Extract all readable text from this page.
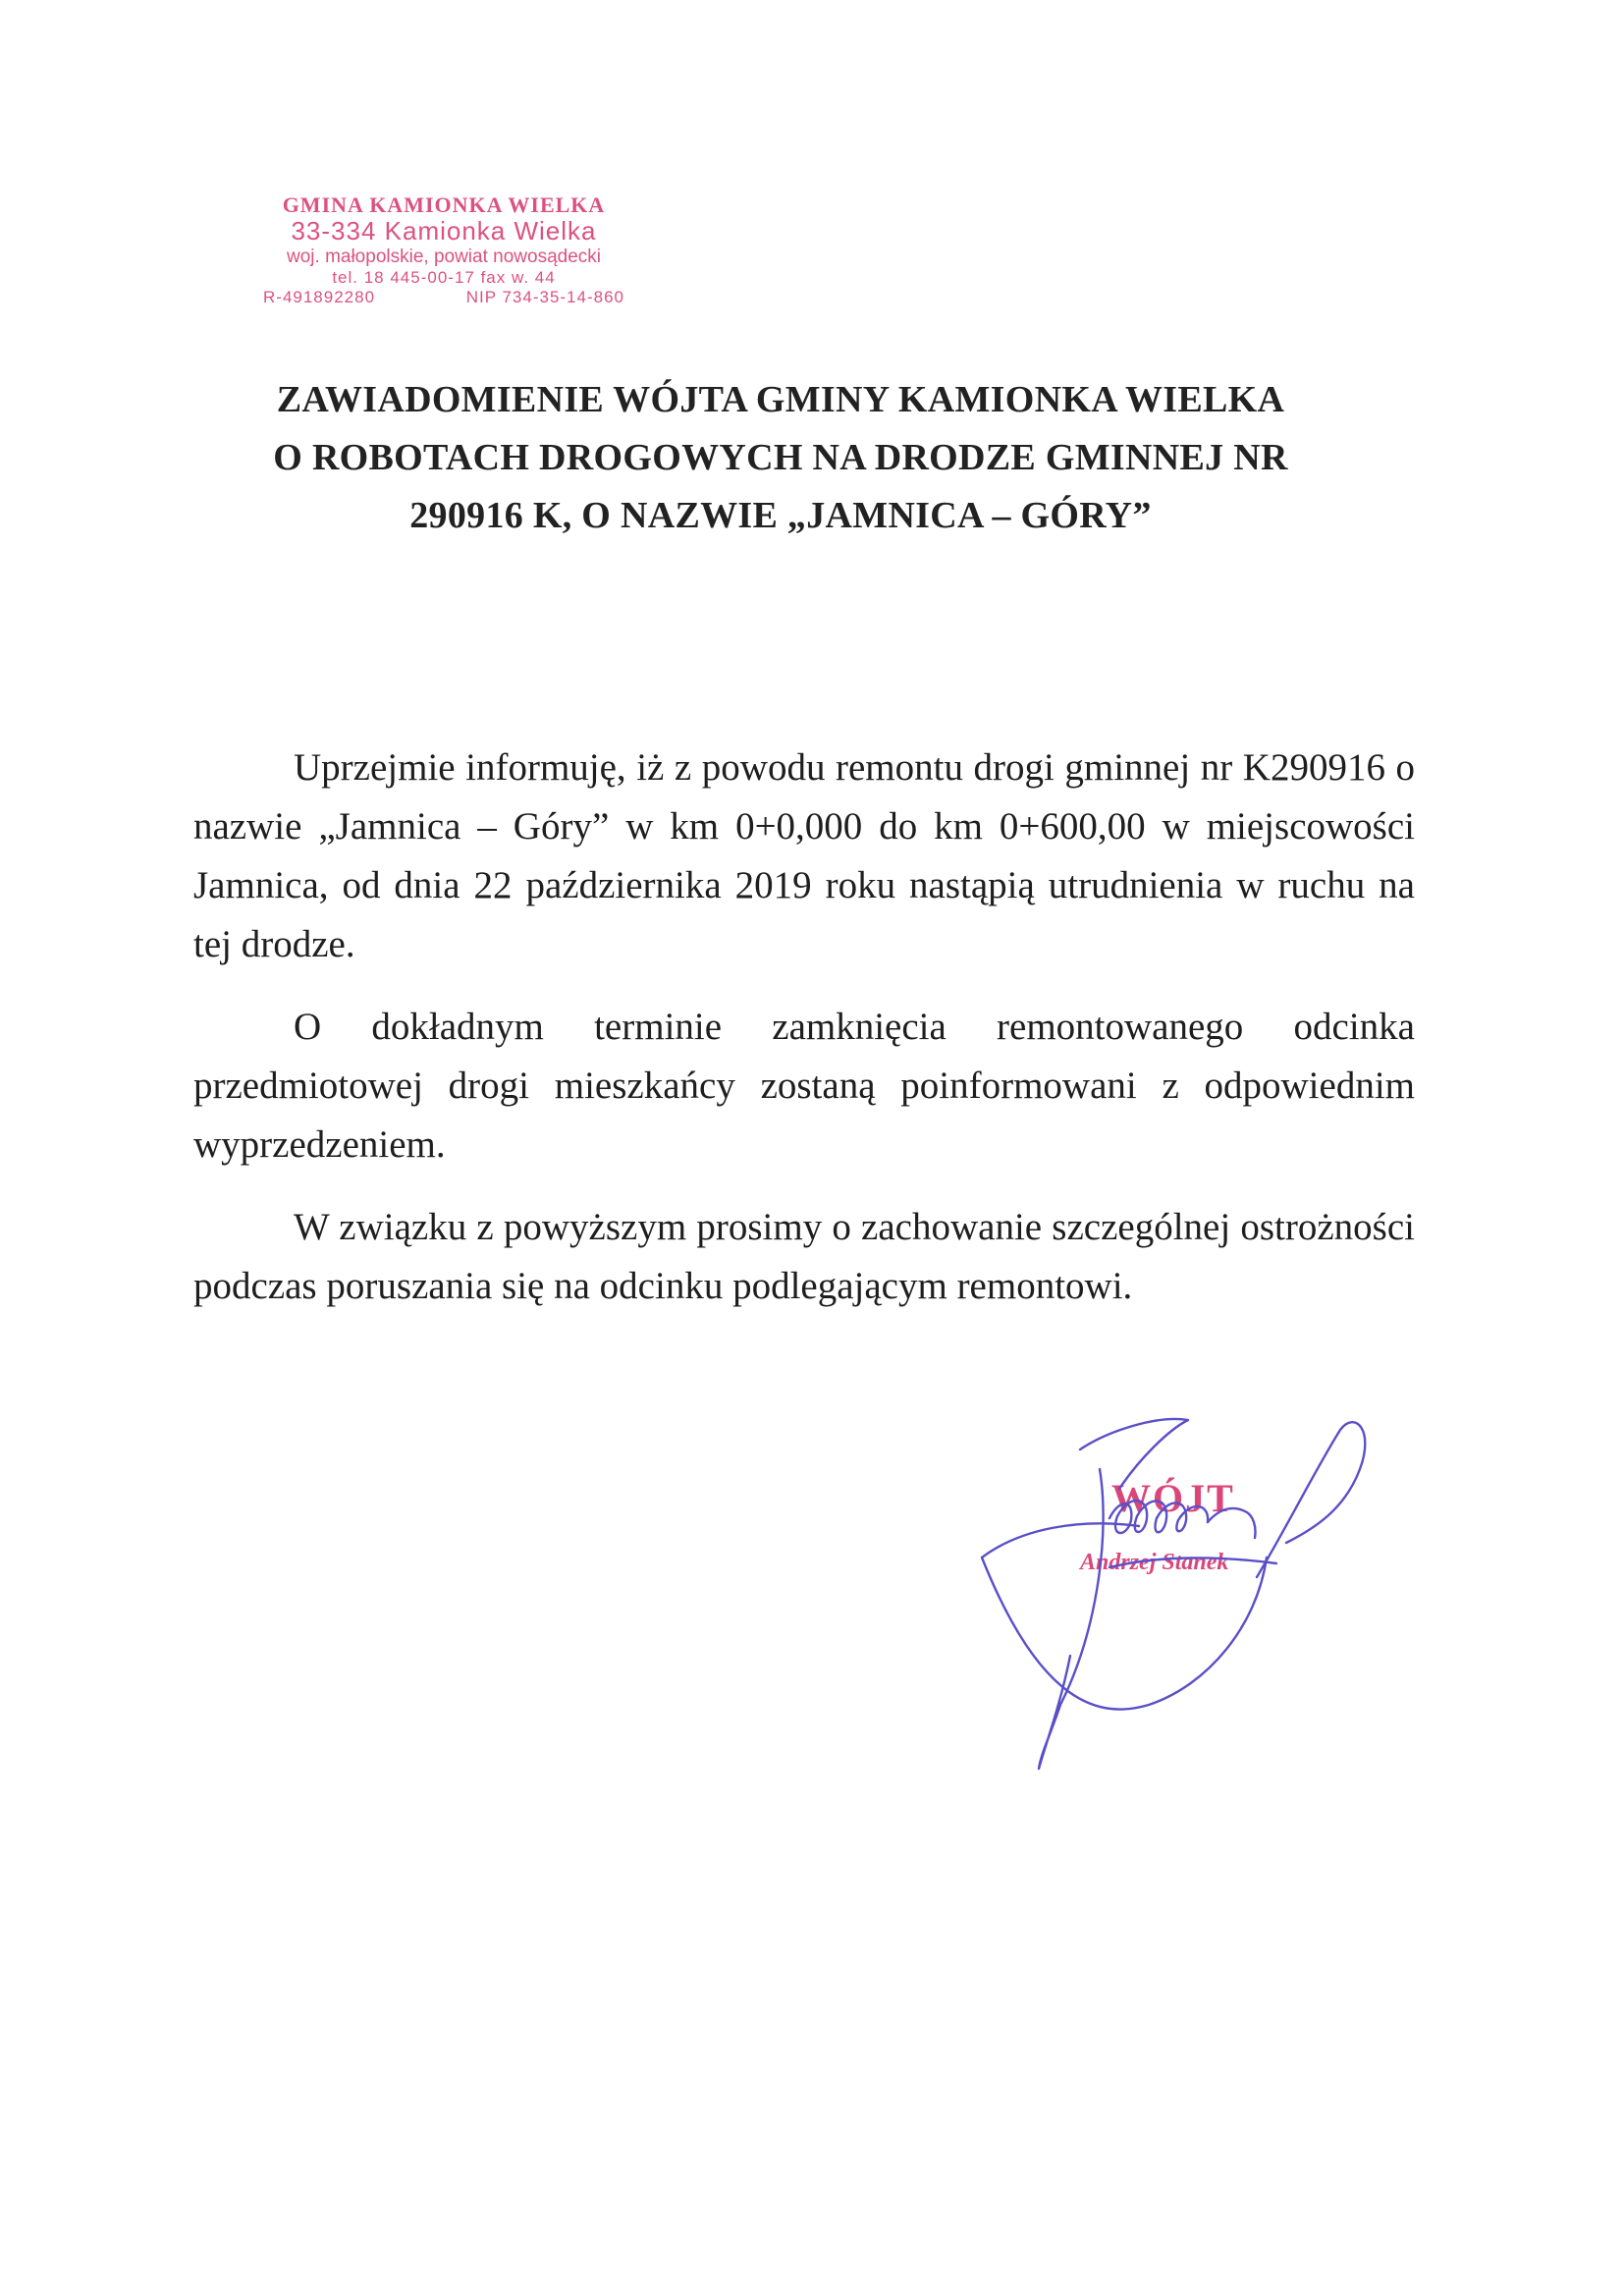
GMINA KAMIONKA WIELKA
33-334 Kamionka Wielka
woj. małopolskie, powiat nowosądecki
tel. 18 445-00-17 fax w. 44
R-491892280	NIP 734-35-14-860
ZAWIADOMIENIE WÓJTA GMINY KAMIONKA WIELKA
O ROBOTACH DROGOWYCH NA DRODZE GMINNEJ NR
290916 K, O NAZWIE „JAMNICA – GÓRY”

Uprzejmie informuję, iż z powodu remontu drogi gminnej nr K290916 o nazwie „Jamnica – Góry” w km 0+0,000 do km 0+600,00 w miejscowości Jamnica, od dnia 22 października 2019 roku nastąpią utrudnienia w ruchu na tej drodze.

O dokładnym terminie zamknięcia remontowanego odcinka przedmiotowej drogi mieszkańcy zostaną poinformowani z odpowiednim wyprzedzeniem.

W związku z powyższym prosimy o zachowanie szczególnej ostrożności podczas poruszania się na odcinku podlegającym remontowi.

WÓJT
Andrzej Stanek
